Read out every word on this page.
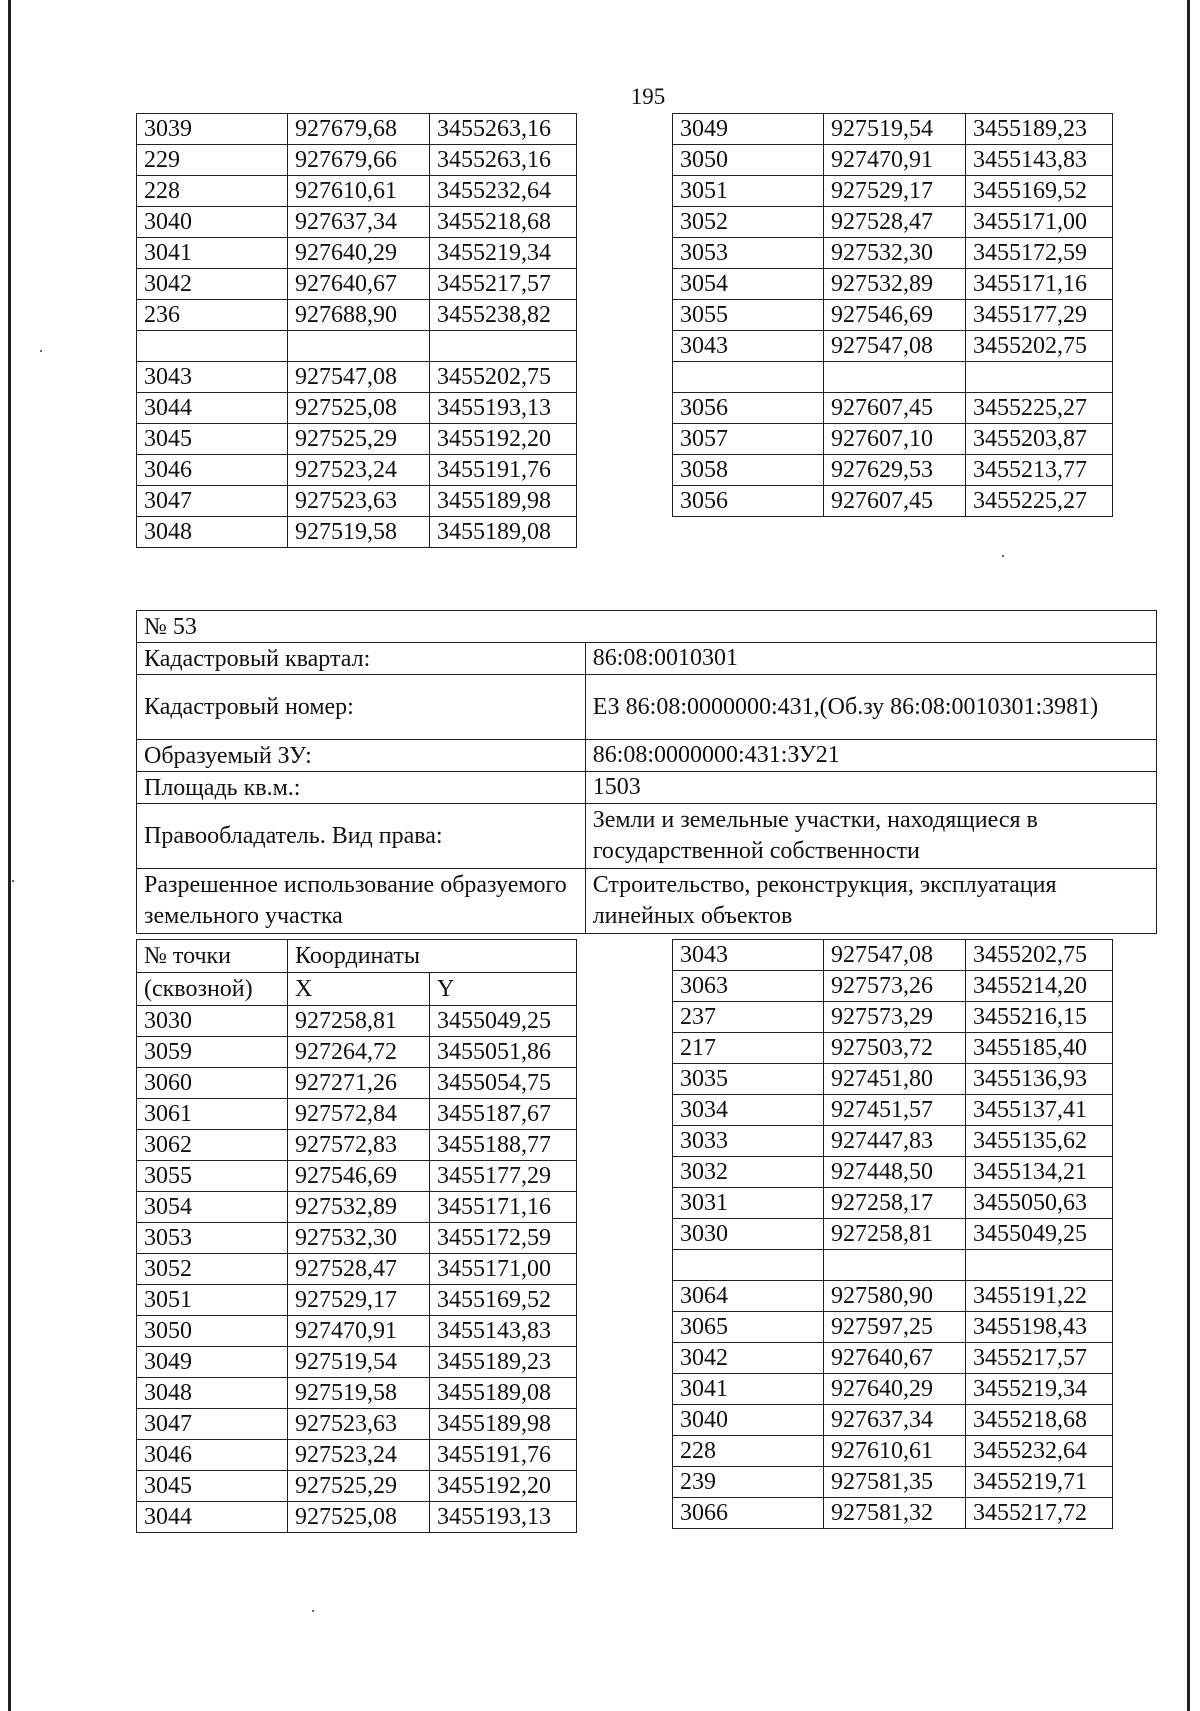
195
3039	927679,68	3455263,16
229	927679,66	3455263,16
228	927610,61	3455232,64
3040	927637,34	3455218,68
3041	927640,29	3455219,34
3042	927640,67	3455217,57
236	927688,90	3455238,82

3043	927547,08	3455202,75
3044	927525,08	3455193,13
3045	927525,29	3455192,20
3046	927523,24	3455191,76
3047	927523,63	3455189,98
3048	927519,58	3455189,08
3049	927519,54	3455189,23
3050	927470,91	3455143,83
3051	927529,17	3455169,52
3052	927528,47	3455171,00
3053	927532,30	3455172,59
3054	927532,89	3455171,16
3055	927546,69	3455177,29
3043	927547,08	3455202,75

3056	927607,45	3455225,27
3057	927607,10	3455203,87
3058	927629,53	3455213,77
3056	927607,45	3455225,27
№ 53	
Кадастровый квартал:	86:08:0010301
Кадастровый номер:	ЕЗ 86:08:0000000:431,(Об.зу 86:08:0010301:3981)
Образуемый ЗУ:	86:08:0000000:431:ЗУ21
Площадь кв.м.:	1503
Правообладатель. Вид права:	Земли и земельные участки, находящиеся в государственной собственности
Разрешенное использование образуемого земельного участка	Строительство, реконструкция, эксплуатация линейных объектов
№ точки	Координаты	
(сквозной)	X	Y
3030	927258,81	3455049,25
3059	927264,72	3455051,86
3060	927271,26	3455054,75
3061	927572,84	3455187,67
3062	927572,83	3455188,77
3055	927546,69	3455177,29
3054	927532,89	3455171,16
3053	927532,30	3455172,59
3052	927528,47	3455171,00
3051	927529,17	3455169,52
3050	927470,91	3455143,83
3049	927519,54	3455189,23
3048	927519,58	3455189,08
3047	927523,63	3455189,98
3046	927523,24	3455191,76
3045	927525,29	3455192,20
3044	927525,08	3455193,13
3043	927547,08	3455202,75
3063	927573,26	3455214,20
237	927573,29	3455216,15
217	927503,72	3455185,40
3035	927451,80	3455136,93
3034	927451,57	3455137,41
3033	927447,83	3455135,62
3032	927448,50	3455134,21
3031	927258,17	3455050,63
3030	927258,81	3455049,25

3064	927580,90	3455191,22
3065	927597,25	3455198,43
3042	927640,67	3455217,57
3041	927640,29	3455219,34
3040	927637,34	3455218,68
228	927610,61	3455232,64
239	927581,35	3455219,71
3066	927581,32	3455217,72
